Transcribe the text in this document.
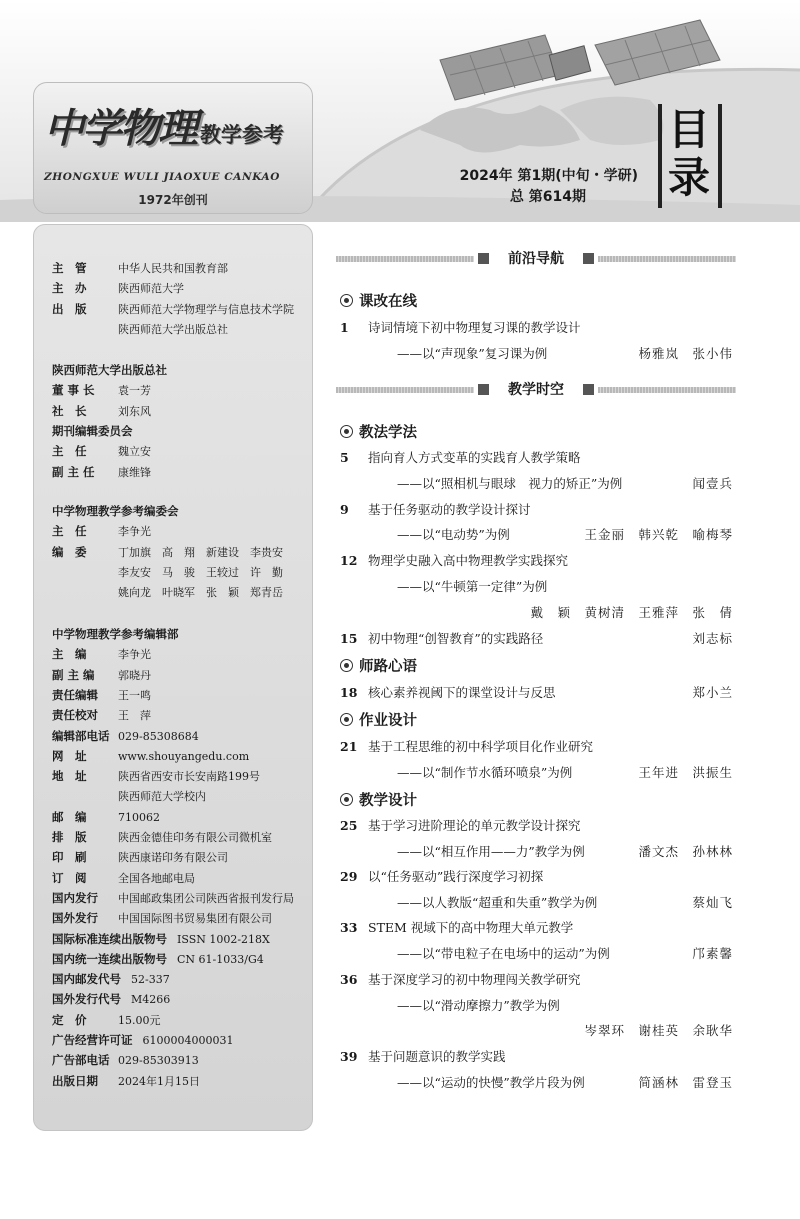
中学物理 教学参考
ZHONGXUE WULI JIAOXUE CANKAO
1972年创刊
2024年 第1期(中旬・学研)
总 第614期
目
录
主　管	中华人民共和国教育部
主　办	陕西师范大学
出　版	陕西师范大学物理学与信息技术学院
陕西师范大学出版总社
陕西师范大学出版总社
董 事 长 袁一芳
社　长	刘东风
期刊编辑委员会
主　任	魏立安
副 主 任 康维锋
中学物理教学参考编委会
主　任	李争光
编　委	丁加旗　高　翔　新建设　李贵安
李友安　马　骏　王较过　许　勤
姚向龙　叶晓军　张　颖　郑青岳
中学物理教学参考编辑部
主　编	李争光
副 主 编 郭晓丹
责任编辑 王一鸣
责任校对 王　萍
编辑部电话 029-85308684
网　址	www.shouyangedu.com
地　址	陕西省西安市长安南路199号
陕西师范大学校内
邮　编	710062
排　版	陕西金德佳印务有限公司微机室
印　刷	陕西康诺印务有限公司
订　阅	全国各地邮电局
国内发行 中国邮政集团公司陕西省报刊发行局
国外发行 中国国际图书贸易集团有限公司
国际标准连续出版物号 ISSN 1002-218X
国内统一连续出版物号 CN 61-1033/G4
国内邮发代号 52-337
国外发行代号 M4266
定　价	15.00元
广告经营许可证 6100004000031
广告部电话 029-85303913
出版日期 2024年1月15日
前沿导航
课改在线
1 诗词情境下初中物理复习课的教学设计
——以“声现象”复习课为例	杨雅岚　张小伟
教学时空
教法学法
5 指向育人方式变革的实践育人教学策略
——以“照相机与眼球　视力的矫正”为例	闻壹兵
9 基于任务驱动的教学设计探讨
——以“电动势”为例	王金丽　韩兴乾　喻梅琴
12 物理学史融入高中物理教学实践探究
——以“牛顿第一定律”为例
戴　颖　黄树清　王雅萍　张　倩
15 初中物理“创智教育”的实践路径	刘志标
师路心语
18 核心素养视阈下的课堂设计与反思	郑小兰
作业设计
21 基于工程思维的初中科学项目化作业研究
——以“制作节水循环喷泉”为例	王年进　洪振生
教学设计
25 基于学习进阶理论的单元教学设计探究
——以“相互作用——力”教学为例	潘文杰　孙林林
29 以“任务驱动”践行深度学习初探
——以人教版“超重和失重”教学为例	蔡灿飞
33 STEM 视域下的高中物理大单元教学
——以“带电粒子在电场中的运动”为例	邝素馨
36 基于深度学习的初中物理闯关教学研究
——以“滑动摩擦力”教学为例
岑翠环　谢桂英　余耿华
39 基于问题意识的教学实践
——以“运动的快慢”教学片段为例	简涵林　雷登玉
